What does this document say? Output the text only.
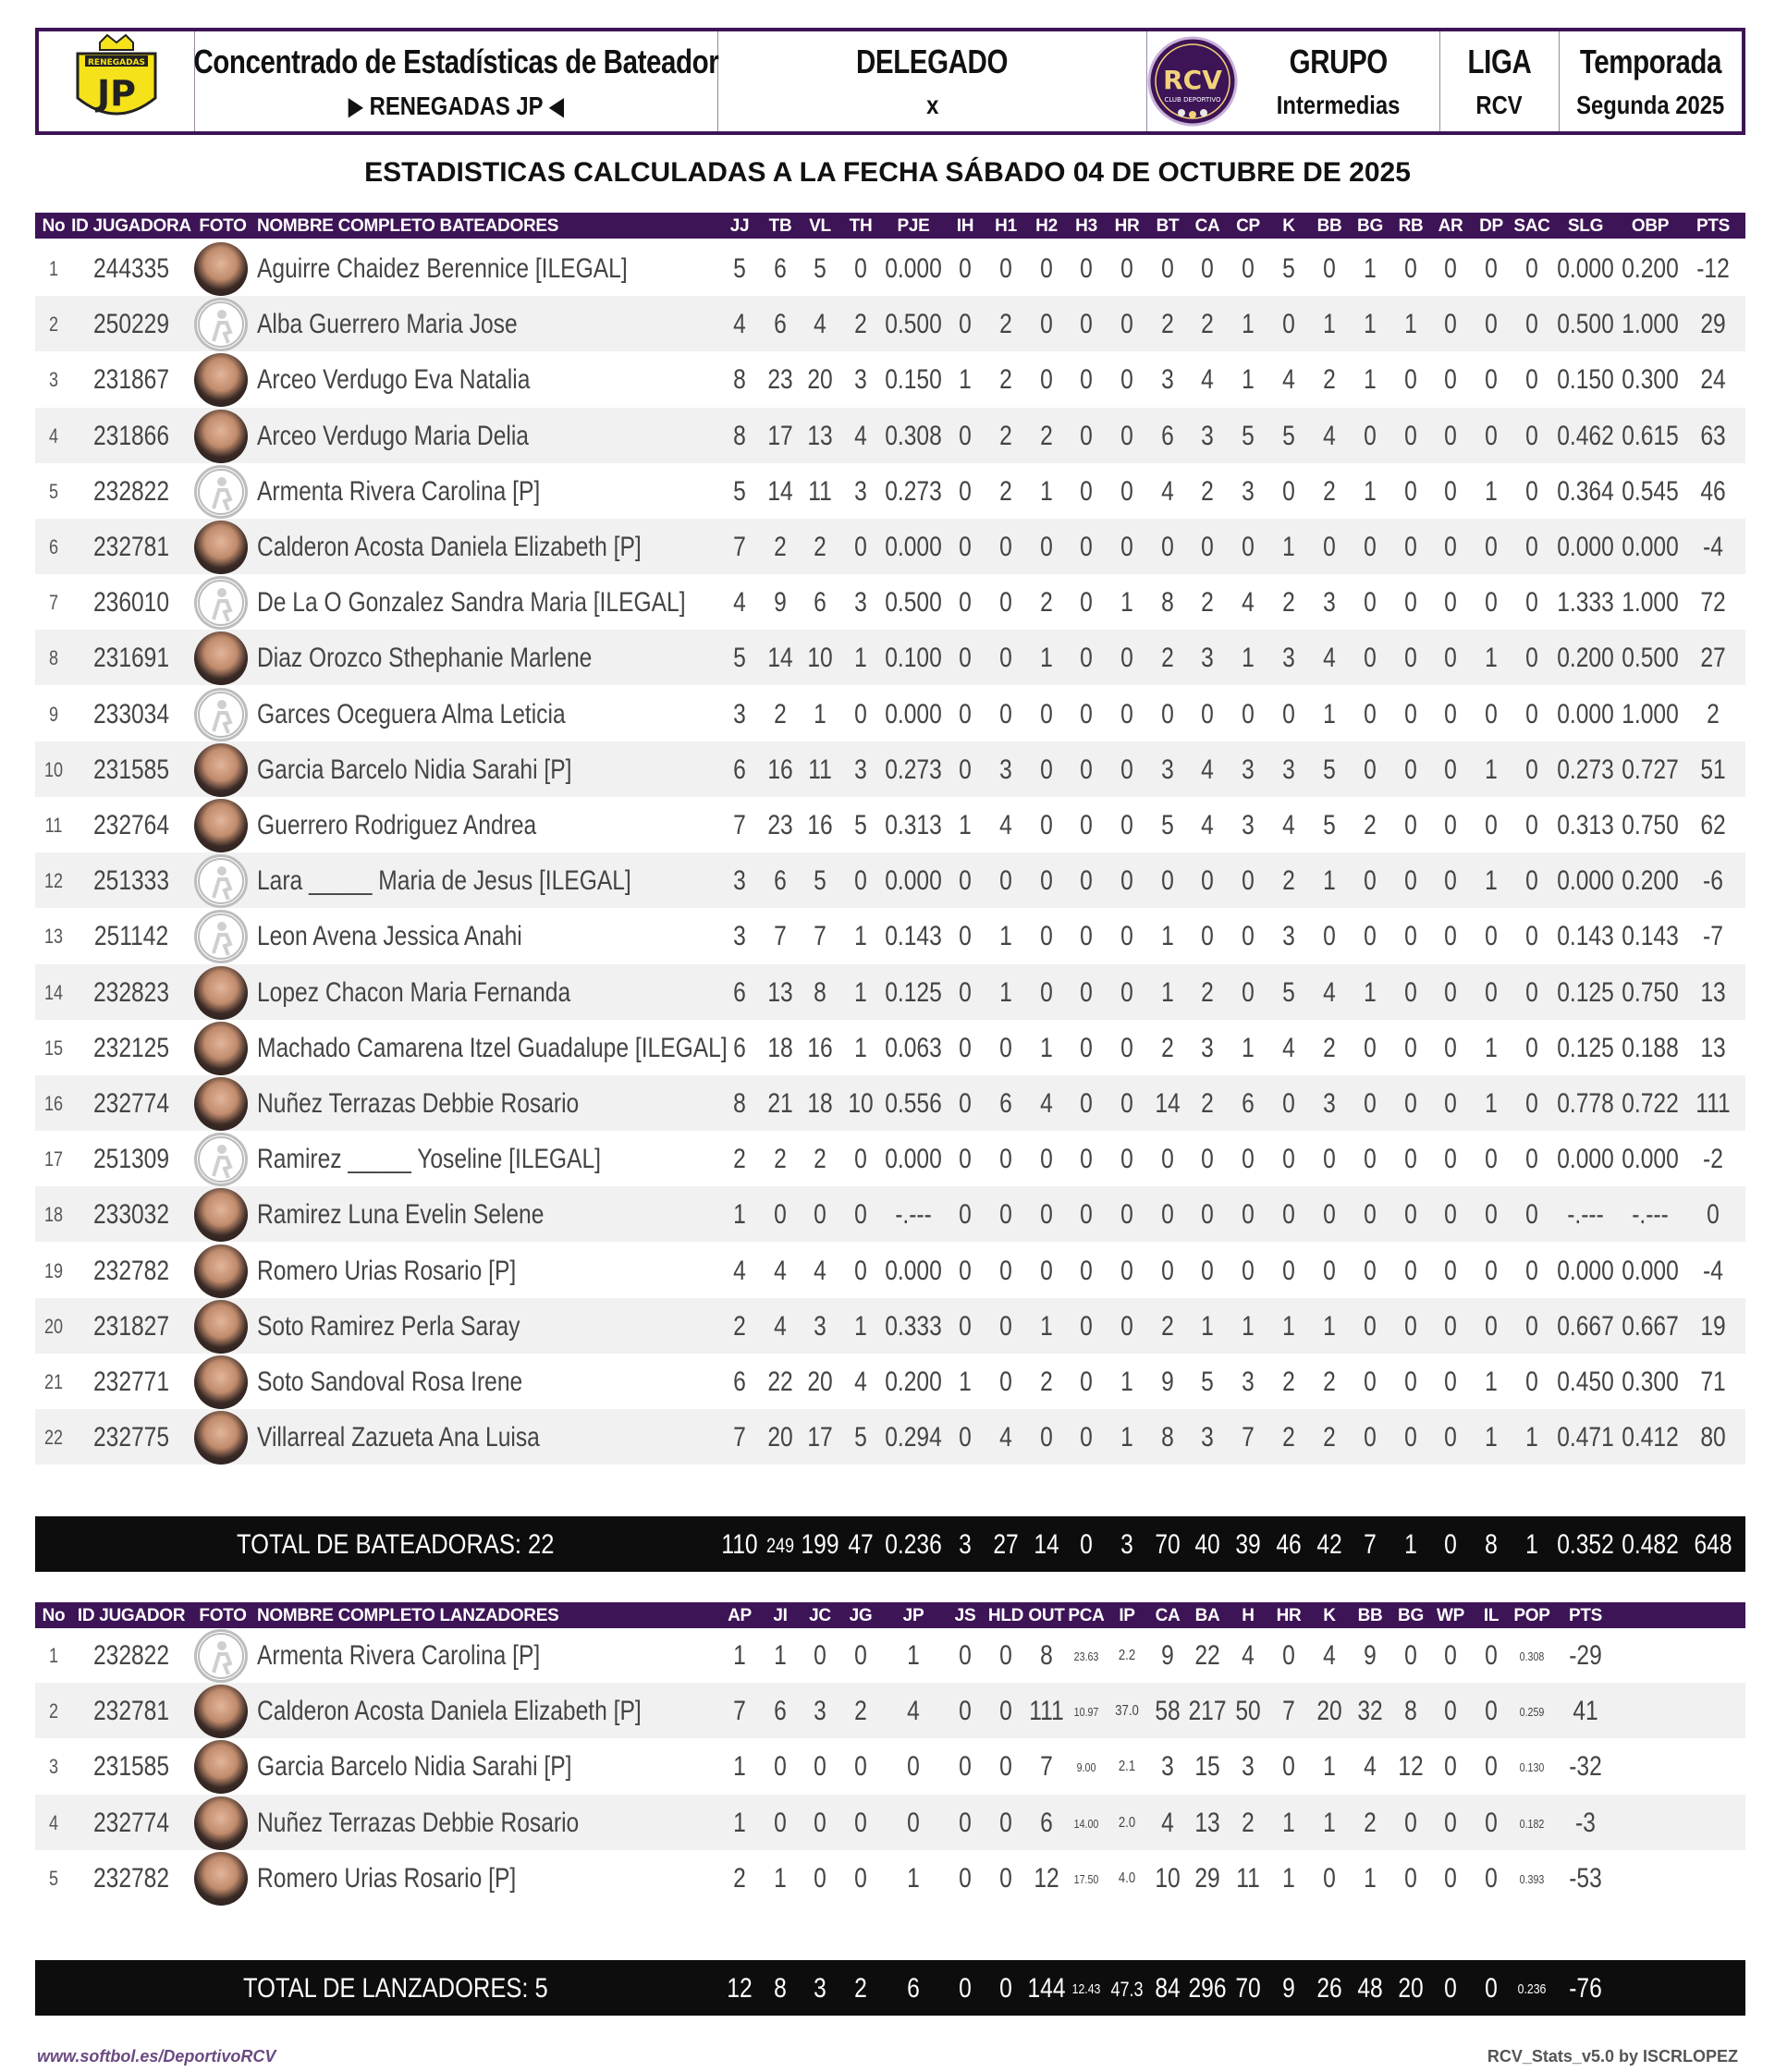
RENEGADAS
JP
Concentrado de Estadísticas de Bateador
▶ RENEGADAS JP ◀
DELEGADO
x
RCV
CLUB DEPORTIVO
GRUPO
Intermedias
LIGA
RCV
Temporada
Segunda 2025
ESTADISTICAS CALCULADAS A LA FECHA SÁBADO 04 DE OCTUBRE DE 2025
No ID JUGADORA FOTO NOMBRE COMPLETO BATEADORES	JJ TB VL TH PJE IH H1 H2 H3 HR BT CA CP K BB BG RB AR DP SAC SLG OBP PTS
1 244335	Aguirre Chaidez Berennice [ILEGAL]	5 6 5 0 0.000 0 0 0 0 0 0 0 0 5 0 1 0 0 0 0 0.000 0.200 -12
2 250229	Alba Guerrero Maria Jose	4 6 4 2 0.500 0 2 0 0 0 2 2 1 0 1 1 1 0 0 0 0.500 1.000 29
3 231867	Arceo Verdugo Eva Natalia	8 23 20 3 0.150 1 2 0 0 0 3 4 1 4 2 1 0 0 0 0 0.150 0.300 24
4 231866	Arceo Verdugo Maria Delia	8 17 13 4 0.308 0 2 2 0 0 6 3 5 5 4 0 0 0 0 0 0.462 0.615 63
5 232822	Armenta Rivera Carolina [P]	5 14 11 3 0.273 0 2 1 0 0 4 2 3 0 2 1 0 0 1 0 0.364 0.545 46
6 232781	Calderon Acosta Daniela Elizabeth [P]	7 2 2 0 0.000 0 0 0 0 0 0 0 0 1 0 0 0 0 0 0 0.000 0.000 -4
7 236010	De La O Gonzalez Sandra Maria [ILEGAL] 4 9 6 3 0.500 0 0 2 0 1 8 2 4 2 3 0 0 0 0 0 1.333 1.000 72
8 231691	Diaz Orozco Sthephanie Marlene	5 14 10 1 0.100 0 0 1 0 0 2 3 1 3 4 0 0 0 1 0 0.200 0.500 27
9 233034	Garces Oceguera Alma Leticia	3 2 1 0 0.000 0 0 0 0 0 0 0 0 0 1 0 0 0 0 0 0.000 1.000 2
10 231585	Garcia Barcelo Nidia Sarahi [P]	6 16 11 3 0.273 0 3 0 0 0 3 4 3 3 5 0 0 0 1 0 0.273 0.727 51
11 232764	Guerrero Rodriguez Andrea	7 23 16 5 0.313 1 4 0 0 0 5 4 3 4 5 2 0 0 0 0 0.313 0.750 62
12 251333	Lara _____ Maria de Jesus [ILEGAL]	3 6 5 0 0.000 0 0 0 0 0 0 0 0 2 1 0 0 0 1 0 0.000 0.200 -6
13 251142	Leon Avena Jessica Anahi	3 7 7 1 0.143 0 1 0 0 0 1 0 0 3 0 0 0 0 0 0 0.143 0.143 -7
14 232823	Lopez Chacon Maria Fernanda	6 13 8 1 0.125 0 1 0 0 0 1 2 0 5 4 1 0 0 0 0 0.125 0.750 13
15 232125	Machado Camarena Itzel Guadalupe [ILEGAL] 6 18 16 1 0.063 0 0 1 0 0 2 3 1 4 2 0 0 0 1 0 0.125 0.188 13
16 232774	Nuñez Terrazas Debbie Rosario	8 21 18 10 0.556 0 6 4 0 0 14 2 6 0 3 0 0 0 1 0 0.778 0.722 111
17 251309	Ramirez _____ Yoseline [ILEGAL]	2 2 2 0 0.000 0 0 0 0 0 0 0 0 0 0 0 0 0 0 0 0.000 0.000 -2
18 233032	Ramirez Luna Evelin Selene	1 0 0 0 -.--- 0 0 0 0 0 0 0 0 0 0 0 0 0 0 0 -.--- -.--- 0
19 232782	Romero Urias Rosario [P]	4 4 4 0 0.000 0 0 0 0 0 0 0 0 0 0 0 0 0 0 0 0.000 0.000 -4
20 231827	Soto Ramirez Perla Saray	2 4 3 1 0.333 0 0 1 0 0 2 1 1 1 1 0 0 0 0 0 0.667 0.667 19
21 232771	Soto Sandoval Rosa Irene	6 22 20 4 0.200 1 0 2 0 1 9 5 3 2 2 0 0 0 1 0 0.450 0.300 71
22 232775	Villarreal Zazueta Ana Luisa	7 20 17 5 0.294 0 4 0 0 1 8 3 7 2 2 0 0 0 1 1 0.471 0.412 80
TOTAL DE BATEADORAS: 22	110 249 199 47 0.236 3 27 14 0 3 70 40 39 46 42 7 1 0 8 1 0.352 0.482 648
No ID JUGADOR FOTO NOMBRE COMPLETO LANZADORES	AP JI JC JG JP JS HLD OUT PCA IP CA BA H HR K BB BG WP IL POP PTS
1 232822	Armenta Rivera Carolina [P]	1 1 0 0 1 0 0 8 23.63 2.2 9 22 4 0 4 9 0 0 0 0.308 -29
2 232781	Calderon Acosta Daniela Elizabeth [P]	7 6 3 2 4 0 0 111 10.97 37.0 58 217 50 7 20 32 8 0 0 0.259 41
3 231585	Garcia Barcelo Nidia Sarahi [P]	1 0 0 0 0 0 0 7 9.00 2.1 3 15 3 0 1 4 12 0 0 0.130 -32
4 232774	Nuñez Terrazas Debbie Rosario	1 0 0 0 0 0 0 6 14.00 2.0 4 13 2 1 1 2 0 0 0 0.182 -3
5 232782	Romero Urias Rosario [P]	2 1 0 0 1 0 0 12 17.50 4.0 10 29 11 1 0 1 0 0 0 0.393 -53
TOTAL DE LANZADORES: 5	12 8 3 2 6 0 0 144 12.43 47.3 84 296 70 9 26 48 20 0 0 0.236 -76
www.softbol.es/DeportivoRCV	RCV_Stats_v5.0 by ISCRLOPEZ
